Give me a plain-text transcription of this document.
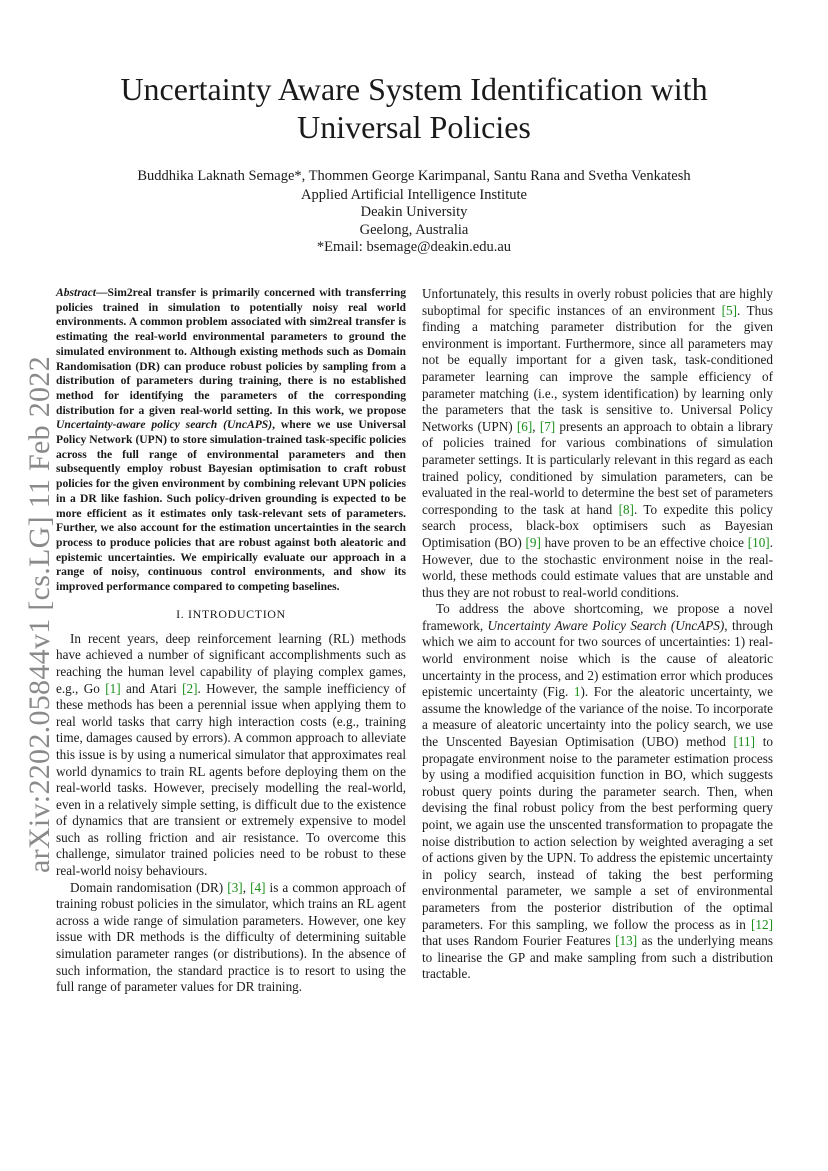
Uncertainty Aware System Identification with
Universal Policies
Buddhika Laknath Semage*, Thommen George Karimpanal, Santu Rana and Svetha Venkatesh
Applied Artificial Intelligence Institute
Deakin University
Geelong, Australia
*Email: bsemage@deakin.edu.au
arXiv:2202.05844v1 [cs.LG] 11 Feb 2022

Abstract—Sim2real transfer is primarily concerned with transferring policies trained in simulation to potentially noisy real world environments. A common problem associated with sim2real transfer is estimating the real-world environmental parameters to ground the simulated environment to. Although existing methods such as Domain Randomisation (DR) can produce robust policies by sampling from a distribution of parameters during training, there is no established method for identifying the parameters of the corresponding distribution for a given real-world setting. In this work, we propose Uncertainty-aware policy search (UncAPS), where we use Universal Policy Network (UPN) to store simulation-trained task-specific policies across the full range of environmental parameters and then subsequently employ robust Bayesian optimisation to craft robust policies for the given environment by combining relevant UPN policies in a DR like fashion. Such policy-driven grounding is expected to be more efficient as it estimates only task-relevant sets of parameters. Further, we also account for the estimation uncertainties in the search process to produce policies that are robust against both aleatoric and epistemic uncertainties. We empirically evaluate our approach in a range of noisy, continuous control environments, and show its improved performance compared to competing baselines.

I. INTRODUCTION

In recent years, deep reinforcement learning (RL) methods have achieved a number of significant accomplishments such as reaching the human level capability of playing complex games, e.g., Go [1] and Atari [2]. However, the sample inefficiency of these methods has been a perennial issue when applying them to real world tasks that carry high interaction costs (e.g., training time, damages caused by errors). A common approach to alleviate this issue is by using a numerical simulator that approximates real world dynamics to train RL agents before deploying them on the real-world tasks. However, precisely modelling the real-world, even in a relatively simple setting, is difficult due to the existence of dynamics that are transient or extremely expensive to model such as rolling friction and air resistance. To overcome this challenge, simulator trained policies need to be robust to these real-world noisy behaviours.

Domain randomisation (DR) [3], [4] is a common approach of training robust policies in the simulator, which trains an RL agent across a wide range of simulation parameters. However, one key issue with DR methods is the difficulty of determining suitable simulation parameter ranges (or distributions). In the absence of such information, the standard practice is to resort to using the full range of parameter values for DR training.

Unfortunately, this results in overly robust policies that are highly suboptimal for specific instances of an environment [5]. Thus finding a matching parameter distribution for the given environment is important. Furthermore, since all parameters may not be equally important for a given task, task-conditioned parameter learning can improve the sample efficiency of parameter matching (i.e., system identification) by learning only the parameters that the task is sensitive to. Universal Policy Networks (UPN) [6], [7] presents an approach to obtain a library of policies trained for various combinations of simulation parameter settings. It is particularly relevant in this regard as each trained policy, conditioned by simulation parameters, can be evaluated in the real-world to determine the best set of parameters corresponding to the task at hand [8]. To expedite this policy search process, black-box optimisers such as Bayesian Optimisation (BO) [9] have proven to be an effective choice [10]. However, due to the stochastic environment noise in the real-world, these methods could estimate values that are unstable and thus they are not robust to real-world conditions.

To address the above shortcoming, we propose a novel framework, Uncertainty Aware Policy Search (UncAPS), through which we aim to account for two sources of uncertainties: 1) real-world environment noise which is the cause of aleatoric uncertainty in the process, and 2) estimation error which produces epistemic uncertainty (Fig. 1). For the aleatoric uncertainty, we assume the knowledge of the variance of the noise. To incorporate a measure of aleatoric uncertainty into the policy search, we use the Unscented Bayesian Optimisation (UBO) method [11] to propagate environment noise to the parameter estimation process by using a modified acquisition function in BO, which suggests robust query points during the parameter search. Then, when devising the final robust policy from the best performing query point, we again use the unscented transformation to propagate the noise distribution to action selection by weighted averaging a set of actions given by the UPN. To address the epistemic uncertainty in policy search, instead of taking the best performing environmental parameter, we sample a set of environmental parameters from the posterior distribution of the optimal parameters. For this sampling, we follow the process as in [12] that uses Random Fourier Features [13] as the underlying means to linearise the GP and make sampling from such a distribution tractable.
